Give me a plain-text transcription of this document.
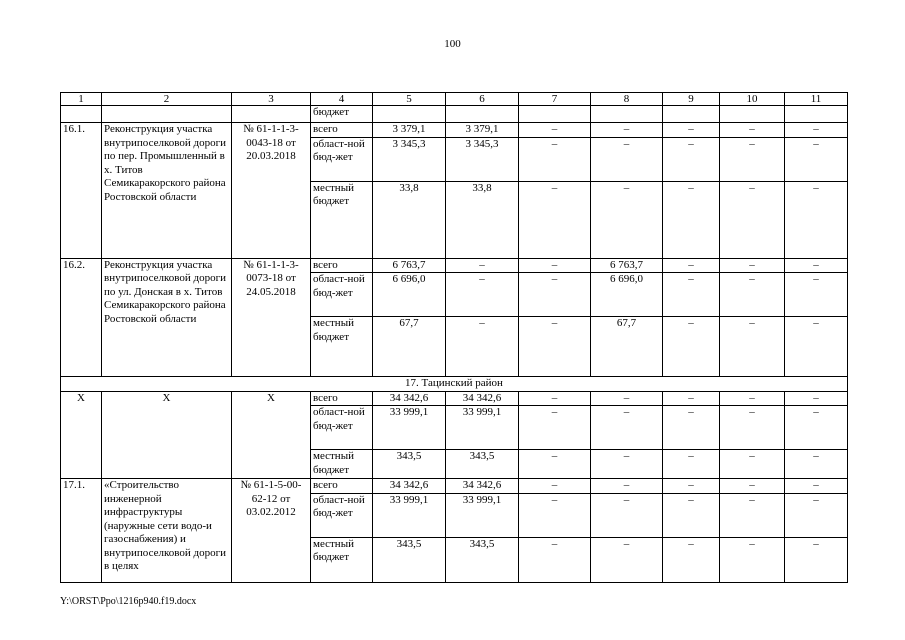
100
1	2	3	4	5	6	7	8	9	10	11
			бюджет							
16.1.	Реконструкция участка внутрипоселковой дороги по пер. Промышленный в х. Титов Семикаракорского района Ростовской области	№ 61-1-1-3-0043-18 от 20.03.2018	всего	3 379,1	3 379,1	–	–	–	–	–
			област-ной бюд-жет	3 345,3	3 345,3	–	–	–	–	–
			местный бюджет	33,8	33,8	–	–	–	–	–
16.2.	Реконструкция участка внутрипоселковой дороги по ул. Донская в х. Титов Семикаракорского района Ростовской области	№ 61-1-1-3-0073-18 от 24.05.2018	всего	6 763,7	–	–	6 763,7	–	–	–
			област-ной бюд-жет	6 696,0	–	–	6 696,0	–	–	–
			местный бюджет	67,7	–	–	67,7	–	–	–
17. Тацинский район										
Х	Х	Х	всего	34 342,6	34 342,6	–	–	–	–	–
			област-ной бюд-жет	33 999,1	33 999,1	–	–	–	–	–
			местный бюджет	343,5	343,5	–	–	–	–	–
17.1.	«Строительство инженерной инфраструктуры (наружные сети водо-и газоснабжения) и внутрипоселковой дороги в целях	№ 61-1-5-00-62-12 от 03.02.2012	всего	34 342,6	34 342,6	–	–	–	–	–
			област-ной бюд-жет	33 999,1	33 999,1	–	–	–	–	–
			местный бюджет	343,5	343,5	–	–	–	–	–
Y:\ORST\Ppo\1216p940.f19.docx
